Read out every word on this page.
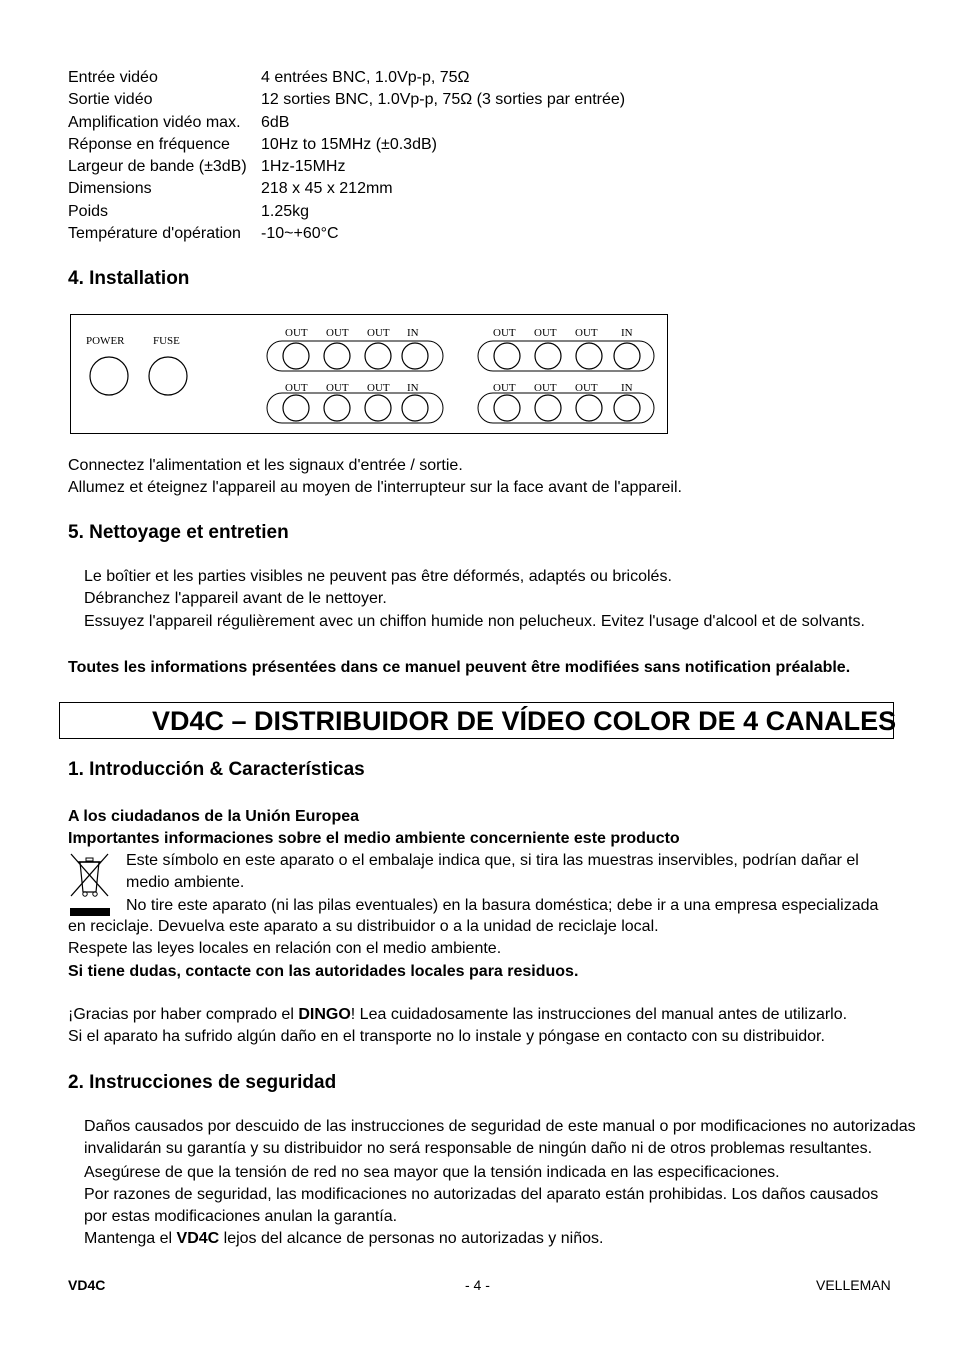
Entrée vidéo	4 entrées BNC, 1.0Vp-p, 75Ω
Sortie vidéo	12 sorties BNC, 1.0Vp-p, 75Ω (3 sorties par entrée)
Amplification vidéo max.	6dB
Réponse en fréquence	10Hz to 15MHz (±0.3dB)
Largeur de bande (±3dB) 1Hz-15MHz
Dimensions	218 x 45 x 212mm
Poids	1.25kg
Température d'opération	-10~+60°C
4. Installation
POWER	FUSE
OUT OUT OUT IN	OUT OUT OUT IN
OUT OUT OUT IN	OUT OUT OUT IN
Connectez l'alimentation et les signaux d'entrée / sortie.
Allumez et éteignez l'appareil au moyen de l'interrupteur sur la face avant de l'appareil.
5. Nettoyage et entretien
Le boîtier et les parties visibles ne peuvent pas être déformés, adaptés ou bricolés.
Débranchez l'appareil avant de le nettoyer.
Essuyez l'appareil régulièrement avec un chiffon humide non pelucheux. Evitez l'usage d'alcool et de solvants.
Toutes les informations présentées dans ce manuel peuvent être modifiées sans notification préalable.
VD4C – DISTRIBUIDOR DE VÍDEO COLOR DE 4 CANALES
1. Introducción & Características
A los ciudadanos de la Unión Europea
Importantes informaciones sobre el medio ambiente concerniente este producto
Este símbolo en este aparato o el embalaje indica que, si tira las muestras inservibles, podrían dañar el
medio ambiente.
No tire este aparato (ni las pilas eventuales) en la basura doméstica; debe ir a una empresa especializada
en reciclaje. Devuelva este aparato a su distribuidor o a la unidad de reciclaje local.
Respete las leyes locales en relación con el medio ambiente.
Si tiene dudas, contacte con las autoridades locales para residuos.
¡Gracias por haber comprado el DINGO! Lea cuidadosamente las instrucciones del manual antes de utilizarlo.
Si el aparato ha sufrido algún daño en el transporte no lo instale y póngase en contacto con su distribuidor.
2. Instrucciones de seguridad
Daños causados por descuido de las instrucciones de seguridad de este manual o por modificaciones no autorizadas
invalidarán su garantía y su distribuidor no será responsable de ningún daño ni de otros problemas resultantes.
Asegúrese de que la tensión de red no sea mayor que la tensión indicada en las especificaciones.
Por razones de seguridad, las modificaciones no autorizadas del aparato están prohibidas. Los daños causados
por estas modificaciones anulan la garantía.
Mantenga el VD4C lejos del alcance de personas no autorizadas y niños.
VD4C	- 4 -	VELLEMAN
